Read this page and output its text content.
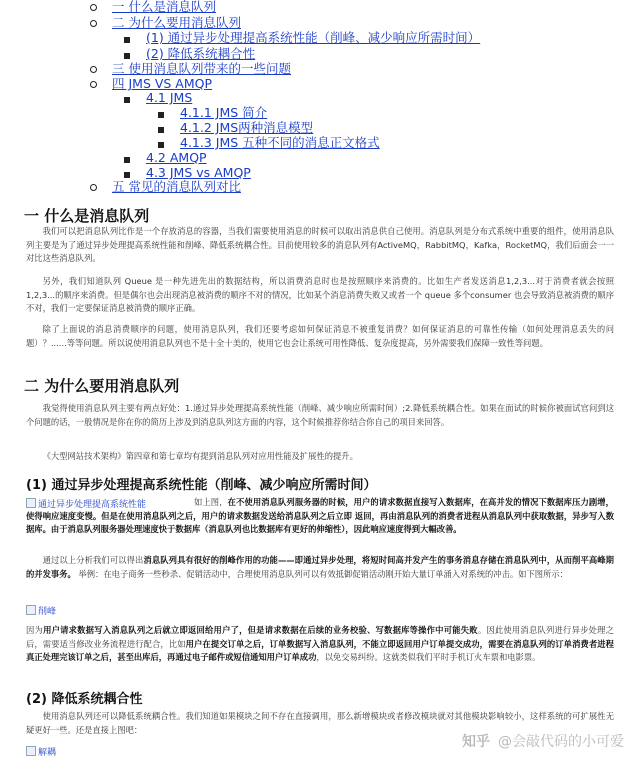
一 什么是消息队列
二 为什么要用消息队列
(1) 通过异步处理提高系统性能（削峰、减少响应所需时间）
(2) 降低系统耦合性
三 使用消息队列带来的一些问题
四 JMS VS AMQP
4.1 JMS
4.1.1 JMS 简介
4.1.2 JMS两种消息模型
4.1.3 JMS 五种不同的消息正文格式
4.2 AMQP
4.3 JMS vs AMQP
五 常见的消息队列对比
一 什么是消息队列

我们可以把消息队列比作是一个存放消息的容器，当我们需要使用消息的时候可以取出消息供自己使用。消息队列是分布式系统中重要的组件，使用消息队列主要是为了通过异步处理提高系统性能和削峰、降低系统耦合性。目前使用较多的消息队列有ActiveMQ，RabbitMQ，Kafka，RocketMQ，我们后面会一一对比这些消息队列。

另外，我们知道队列 Queue 是一种先进先出的数据结构，所以消费消息时也是按照顺序来消费的。比如生产者发送消息1,2,3...对于消费者就会按照1,2,3...的顺序来消费。但是偶尔也会出现消息被消费的顺序不对的情况，比如某个消息消费失败又或者一个 queue 多个consumer 也会导致消息被消费的顺序不对，我们一定要保证消息被消费的顺序正确。

除了上面说的消息消费顺序的问题，使用消息队列，我们还要考虑如何保证消息不被重复消费？如何保证消息的可靠性传输（如何处理消息丢失的问题）？......等等问题。所以说使用消息队列也不是十全十美的，使用它也会让系统可用性降低、复杂度提高，另外需要我们保障一致性等问题。

二 为什么要用消息队列

我觉得使用消息队列主要有两点好处：1.通过异步处理提高系统性能（削峰、减少响应所需时间）;2.降低系统耦合性。如果在面试的时候你被面试官问到这个问题的话，一般情况是你在你的简历上涉及到消息队列这方面的内容，这个时候推荐你结合你自己的项目来回答。

《大型网站技术架构》第四章和第七章均有提到消息队列对应用性能及扩展性的提升。

(1) 通过异步处理提高系统性能（削峰、减少响应所需时间）
通过异步处理提高系统性能	如上图，在不使用消息队列服务器的时候，用户的请求数据直接写入数据库，在高并发的情况下数据库压力剧增，使得响应速度变慢。但是在使用消息队列之后，用户的请求数据发送给消息队列之后立即 返回，再由消息队列的消费者进程从消息队列中获取数据，异步写入数据库。由于消息队列服务器处理速度快于数据库（消息队列也比数据库有更好的伸缩性），因此响应速度得到大幅改善。

通过以上分析我们可以得出消息队列具有很好的削峰作用的功能——即通过异步处理，将短时间高并发产生的事务消息存储在消息队列中，从而削平高峰期的并发事务。 举例：在电子商务一些秒杀、促销活动中，合理使用消息队列可以有效抵御促销活动刚开始大量订单涌入对系统的冲击。如下图所示：

削峰

因为用户请求数据写入消息队列之后就立即返回给用户了，但是请求数据在后续的业务校验、写数据库等操作中可能失败。因此使用消息队列进行异步处理之后，需要适当修改业务流程进行配合，比如用户在提交订单之后，订单数据写入消息队列，不能立即返回用户订单提交成功，需要在消息队列的订单消费者进程真正处理完该订单之后，甚至出库后，再通过电子邮件或短信通知用户订单成功，以免交易纠纷。这就类似我们平时手机订火车票和电影票。

(2) 降低系统耦合性

使用消息队列还可以降低系统耦合性。我们知道如果模块之间不存在直接调用，那么新增模块或者修改模块就对其他模块影响较小，这样系统的可扩展性无疑更好一些。还是直接上图吧：

解耦
知乎 @会敲代码的小可爱
